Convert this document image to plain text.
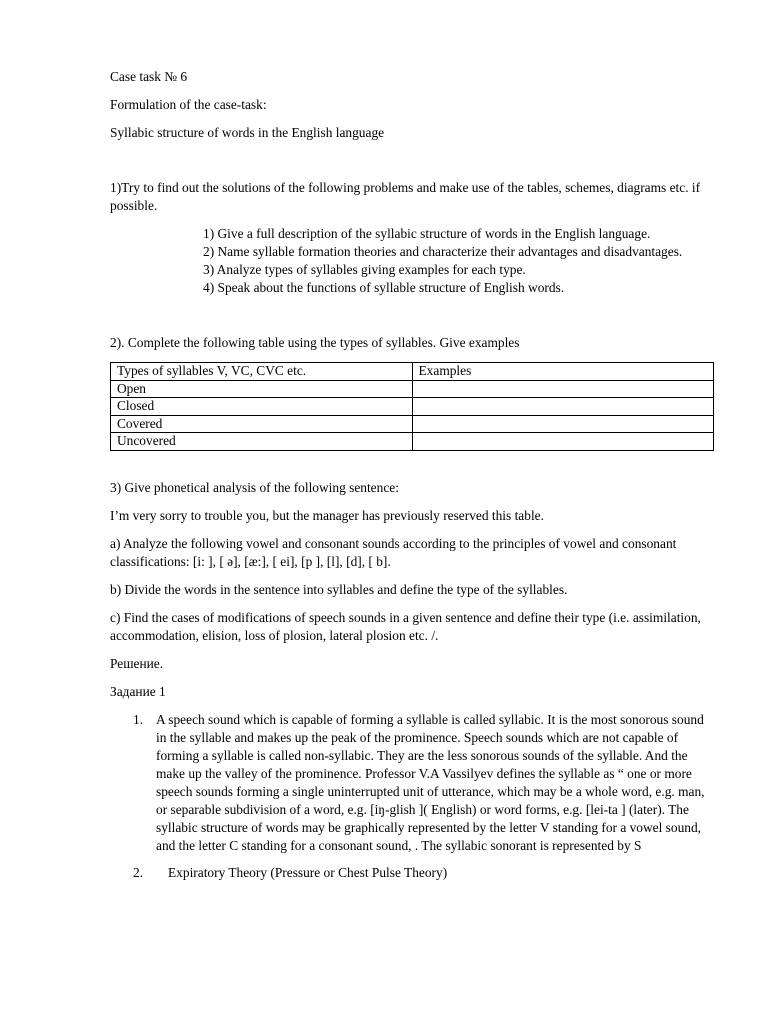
Case task № 6

Formulation of the case-task:

Syllabic structure of words in the English language

1)Try to find out the solutions of the following problems and make use of the tables, schemes, diagrams etc. if possible.

1) Give a full description of the syllabic structure of words in the English language.
2) Name syllable formation theories and characterize their advantages and disadvantages.
3) Analyze types of syllables giving examples for each type.
4) Speak about the functions of syllable structure of English words.

2). Complete the following table using the types of syllables. Give examples

Types of syllables V, VC, CVC etc.	Examples
Open	
Closed	
Covered	
Uncovered	

3) Give phonetical analysis of the following sentence:

I’m very sorry to trouble you, but the manager has previously reserved this table.

a) Analyze the following vowel and consonant sounds according to the principles of vowel and consonant classifications: [i: ], [ ə], [æ:], [ ei], [p ], [l], [d], [ b].

b) Divide the words in the sentence into syllables and define the type of the syllables.

c) Find the cases of modifications of speech sounds in a given sentence and define their type (i.e. assimilation, accommodation, elision, loss of plosion, lateral plosion etc. /.

Решение.

Задание 1

1. A speech sound which is capable of forming a syllable is called syllabic. It is the most sonorous sound in the syllable and makes up the peak of the prominence. Speech sounds which are not capable of forming a syllable is called non-syllabic. They are the less sonorous sounds of the syllable. And the make up the valley of the prominence. Professor V.A Vassilyev defines the syllable as “ one or more speech sounds forming a single uninterrupted unit of utterance, which may be a whole word, e.g. man, or separable subdivision of a word, e.g. [iŋ-glish ]( English) or word forms, e.g. [lei-ta ] (later). The syllabic structure of words may be graphically represented by the letter V standing for a vowel sound, and the letter C standing for a consonant sound, . The syllabic sonorant is represented by S
2. Expiratory Theory (Pressure or Chest Pulse Theory)
